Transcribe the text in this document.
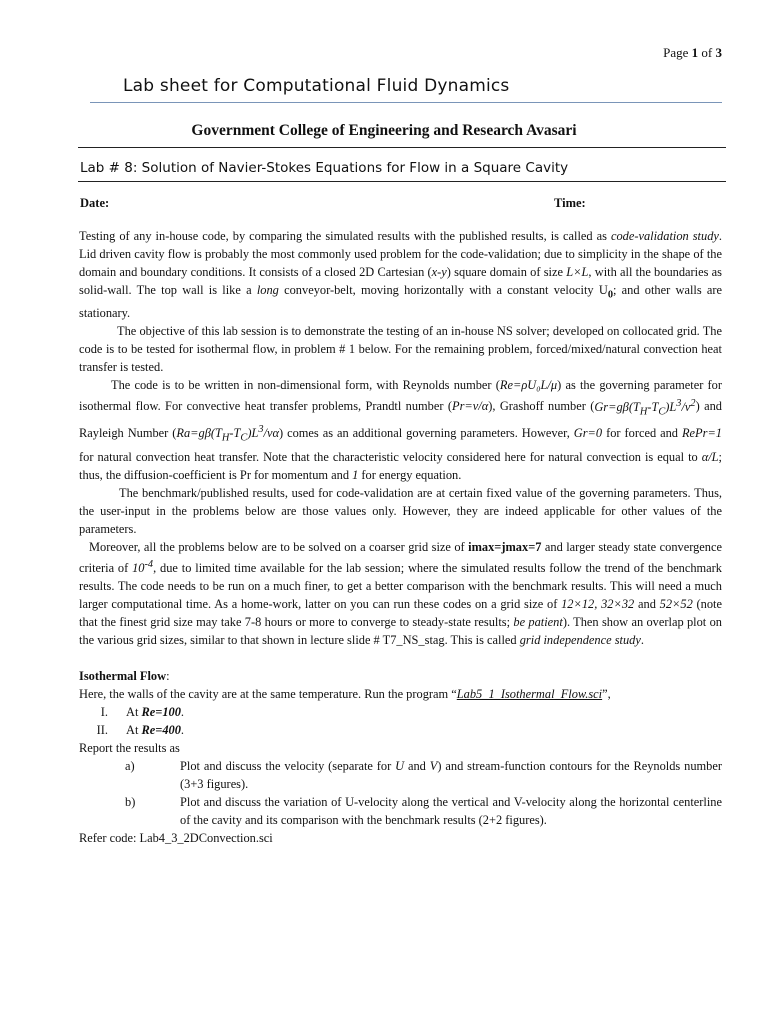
Page 1 of 3
Lab sheet for Computational Fluid Dynamics
Government College of Engineering and Research Avasari
Lab # 8: Solution of Navier-Stokes Equations for Flow in a Square Cavity
Date:	Time:

Testing of any in-house code, by comparing the simulated results with the published results, is called as code-validation study. Lid driven cavity flow is probably the most commonly used problem for the code-validation; due to simplicity in the shape of the domain and boundary conditions. It consists of a closed 2D Cartesian (x-y) square domain of size L×L, with all the boundaries as solid-wall. The top wall is like a long conveyor-belt, moving horizontally with a constant velocity $U_0$; and other walls are stationary.

The objective of this lab session is to demonstrate the testing of an in-house NS solver; developed on collocated grid. The code is to be tested for isothermal flow, in problem # 1 below. For the remaining problem, forced/mixed/natural convection heat transfer is tested.

The code is to be written in non-dimensional form, with Reynolds number (Re=ρU₀L/μ) as the governing parameter for isothermal flow. For convective heat transfer problems, Prandtl number (Pr=ν/α), Grashoff number $(Gr=g\beta(T_H-T_C)L^3/\nu^2)$ and Rayleigh Number $(Ra=g\beta(T_H-T_C)L^3/\nu\alpha)$ comes as an additional governing parameters. However, Gr=0 for forced and RePr=1 for natural convection heat transfer. Note that the characteristic velocity considered here for natural convection is equal to α/L; thus, the diffusion-coefficient is Pr for momentum and 1 for energy equation.

The benchmark/published results, used for code-validation are at certain fixed value of the governing parameters. Thus, the user-input in the problems below are those values only. However, they are indeed applicable for other values of the parameters.

Moreover, all the problems below are to be solved on a coarser grid size of imax=jmax=7 and larger steady state convergence criteria of $10^{-4}$, due to limited time available for the lab session; where the simulated results follow the trend of the benchmark results. The code needs to be run on a much finer, to get a better comparison with the benchmark results. This will need a much larger computational time. As a home-work, latter on you can run these codes on a grid size of 12×12, 32×32 and 52×52 (note that the finest grid size may take 7-8 hours or more to converge to steady-state results; be patient). Then show an overlap plot on the various grid sizes, similar to that shown in lecture slide # T7_NS_stag. This is called grid independence study.

Isothermal Flow:

Here, the walls of the cavity are at the same temperature. Run the program “Lab5_1_Isothermal_Flow.sci”,

I. At Re=100.
II. At Re=400.

Report the results as

a)	Plot and discuss the velocity (separate for U and V) and stream-function contours for the Reynolds number (3+3 figures).
b)	Plot and discuss the variation of U-velocity along the vertical and V-velocity along the horizontal centerline of the cavity and its comparison with the benchmark results (2+2 figures).

Refer code: Lab4_3_2DConvection.sci
